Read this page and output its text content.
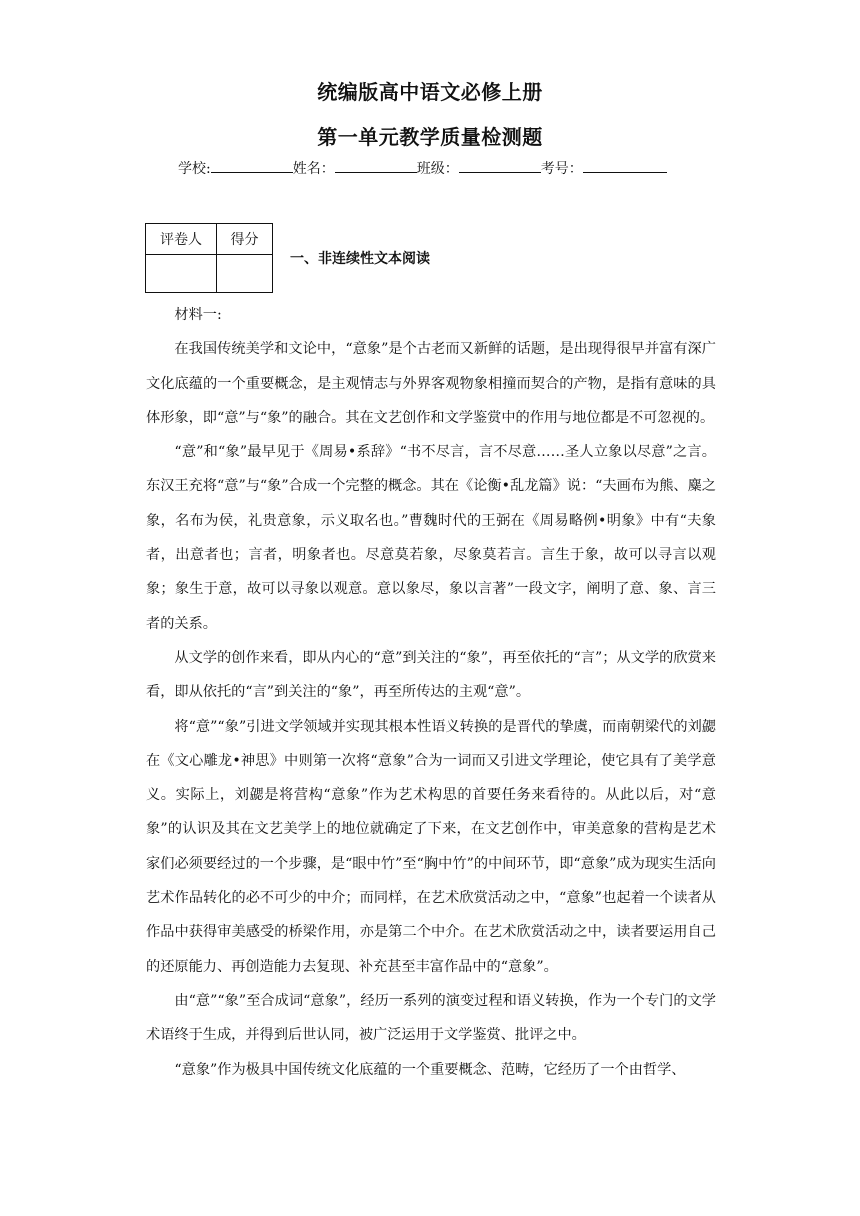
统编版高中语文必修上册
第一单元教学质量检测题
学校:	姓名：	班级：	考号：
评卷人	得分

一、非连续性文本阅读

材料一:

在我国传统美学和文论中，“意象”是个古老而又新鲜的话题，是出现得很早并富有深广文化底蕴的一个重要概念，是主观情志与外界客观物象相撞而契合的产物，是指有意味的具体形象，即“意”与“象”的融合。其在文艺创作和文学鉴赏中的作用与地位都是不可忽视的。

“意”和“象”最早见于《周易•系辞》“书不尽言，言不尽意……圣人立象以尽意”之言。东汉王充将“意”与“象”合成一个完整的概念。其在《论衡•乱龙篇》说：“夫画布为熊、麋之象，名布为侯，礼贵意象，示义取名也。”曹魏时代的王弼在《周易略例•明象》中有“夫象者，出意者也；言者，明象者也。尽意莫若象，尽象莫若言。言生于象，故可以寻言以观象；象生于意，故可以寻象以观意。意以象尽，象以言著”一段文字，阐明了意、象、言三者的关系。

从文学的创作来看，即从内心的“意”到关注的“象”，再至依托的“言”；从文学的欣赏来看，即从依托的“言”到关注的“象”，再至所传达的主观“意”。

将“意”“象”引进文学领域并实现其根本性语义转换的是晋代的挚虞，而南朝梁代的刘勰在《文心雕龙•神思》中则第一次将“意象”合为一词而又引进文学理论，使它具有了美学意义。实际上，刘勰是将营构“意象”作为艺术构思的首要任务来看待的。从此以后，对“意象”的认识及其在文艺美学上的地位就确定了下来，在文艺创作中，审美意象的营构是艺术家们必须要经过的一个步骤，是“眼中竹”至“胸中竹”的中间环节，即“意象”成为现实生活向艺术作品转化的必不可少的中介；而同样，在艺术欣赏活动之中，“意象”也起着一个读者从作品中获得审美感受的桥梁作用，亦是第二个中介。在艺术欣赏活动之中，读者要运用自己的还原能力、再创造能力去复现、补充甚至丰富作品中的“意象”。

由“意”“象”至合成词“意象”，经历一系列的演变过程和语义转换，作为一个专门的文学术语终于生成，并得到后世认同，被广泛运用于文学鉴赏、批评之中。

“意象”作为极具中国传统文化底蕴的一个重要概念、范畴，它经历了一个由哲学、
